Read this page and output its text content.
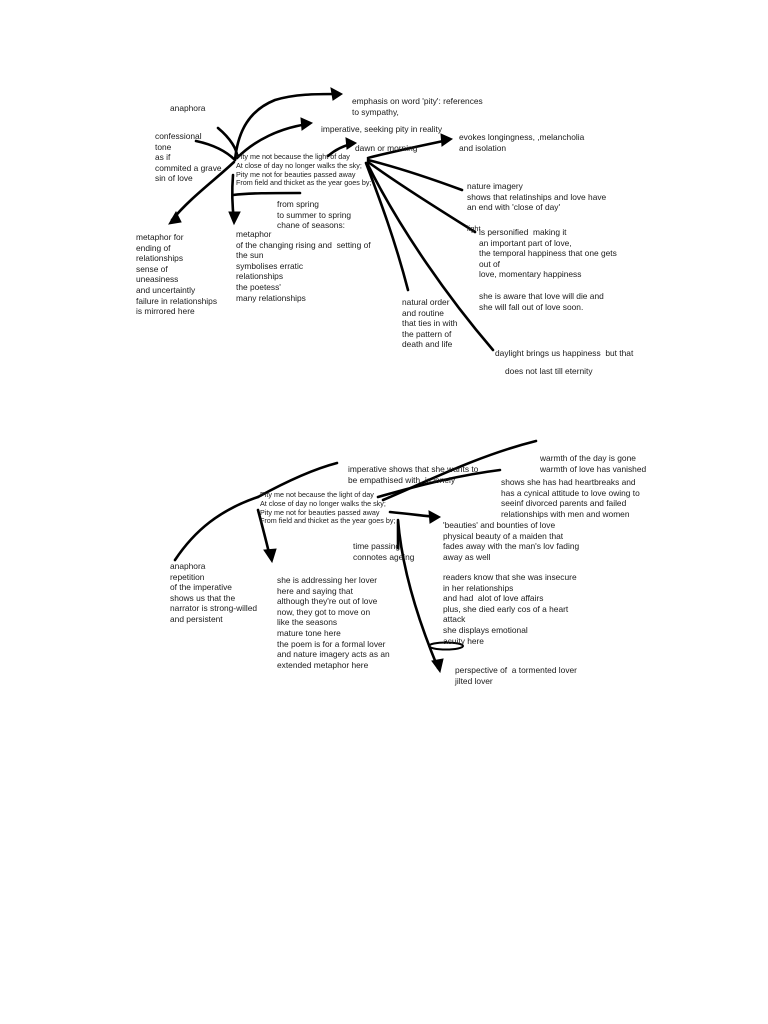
anaphora

emphasis on word 'pity': references
to sympathy,

imperative, seeking pity in reality

dawn or morning

evokes longingness, ,melancholia
and isolation

confessional
tone
as if
commited a grave
sin of love

Pity me not because the light of day

At close of day no longer walks the sky;

Pity me not for beauties passed away

From field and thicket as the year goes by;	nature imagery
shows that relatinships and love have
an end with 'close of day'

light

is personified  making it
an important part of love,
the temporal happiness that one gets
out of
love, momentary happiness

she is aware that love will die and
she will fall out of love soon.

from spring
to summer to spring
chane of seasons:

metaphor for
ending of
relationships
sense of
uneasiness
and uncertaintly
failure in relationships
is mirrored here

metaphor
of the changing rising and  setting of
the sun
symbolises erratic
relationships
the poetess'
many relationships	natural order
and routine
that ties in with
the pattern of
death and life

daylight brings us happiness  but that

does not last till eternity

warmth of the day is gone
warmth of love has vanished

imperative shows that she wants to
be empathised with, is lonely	shows she has had heartbreaks and
has a cynical attitude to love owing to
seeinf divorced parents and failed
relationships with men and women

Pity me not because the light of day

At close of day no longer walks the sky;

Pity me not for beauties passed away

From field and thicket as the year goes by;	'beauties' and bounties of love
physical beauty of a maiden that
fades away with the man's lov fading
away as well

time passing
connotes ageing

anaphora
repetition
of the imperative
shows us that the
narrator is strong-willed
and persistent

she is addressing her lover
here and saying that
although they're out of love
now, they got to move on
like the seasons
mature tone here
the poem is for a formal lover
and nature imagery acts as an
extended metaphor here

readers know that she was insecure
in her relationships
and had  alot of love affairs
plus, she died early cos of a heart
attack
she displays emotional
acuity here

perspective of  a tormented lover
jilted lover
